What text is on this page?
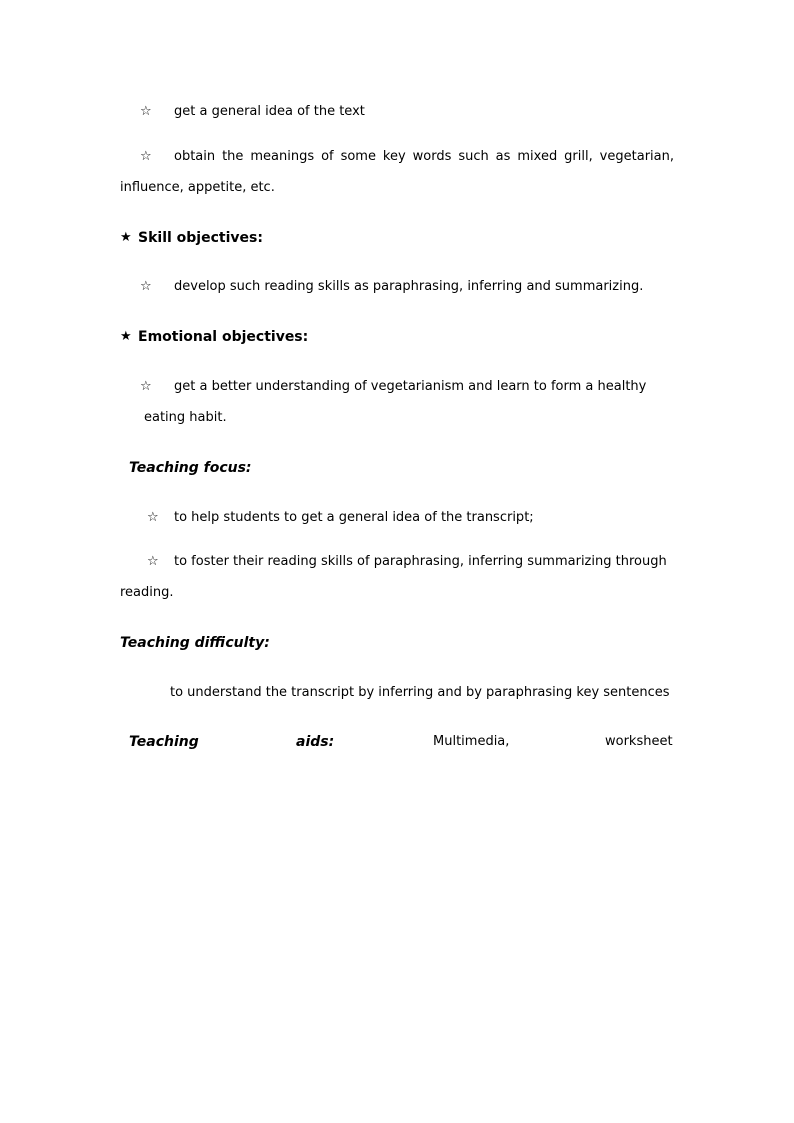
☆ get a general idea of the text
☆ obtain the meanings of some key words such as mixed grill, vegetarian,
influence, appetite, etc.
★ Skill objectives:
☆ develop such reading skills as paraphrasing, inferring and summarizing.
★ Emotional objectives:
☆ get a better understanding of vegetarianism and learn to form a healthy
eating habit.
Teaching focus:
☆ to help students to get a general idea of the transcript;
☆ to foster their reading skills of paraphrasing, inferring summarizing through
reading.
Teaching difficulty:
to understand the transcript by inferring and by paraphrasing key sentences
Teaching	aids:	Multimedia,	worksheet
